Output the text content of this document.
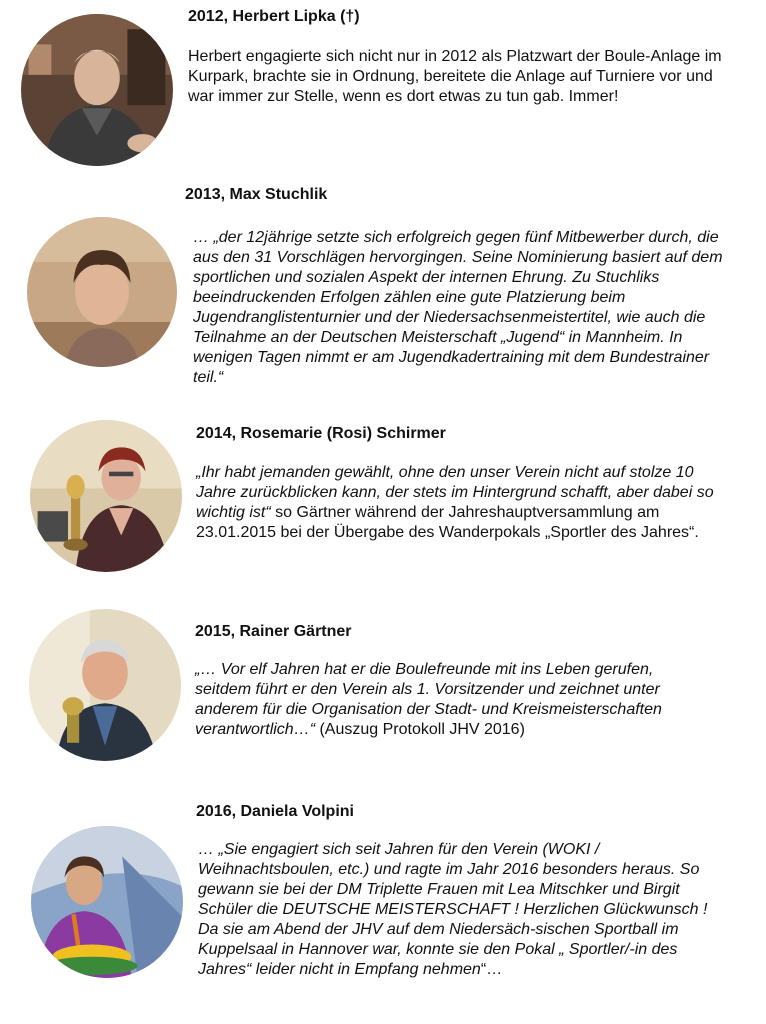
2012, Herbert Lipka (†)

Herbert engagierte sich nicht nur in 2012 als Platzwart der Boule-Anlage im Kurpark, brachte sie in Ordnung, bereitete die Anlage auf Turniere vor und war immer zur Stelle, wenn es dort etwas zu tun gab. Immer!

2013, Max Stuchlik

… „der 12jährige setzte sich erfolgreich gegen fünf Mitbewerber durch, die aus den 31 Vorschlägen hervorgingen. Seine Nominierung basiert auf dem sportlichen und sozialen Aspekt der internen Ehrung. Zu Stuchliks beeindruckenden Erfolgen zählen eine gute Platzierung beim Jugendranglistenturnier und der Niedersachsenmeistertitel, wie auch die Teilnahme an der Deutschen Meisterschaft „Jugend“ in Mannheim. In wenigen Tagen nimmt er am Jugendkadertraining mit dem Bundestrainer teil.“

2014, Rosemarie (Rosi) Schirmer

„Ihr habt jemanden gewählt, ohne den unser Verein nicht auf stolze 10 Jahre zurückblicken kann, der stets im Hintergrund schafft, aber dabei so wichtig ist“ so Gärtner während der Jahreshauptversammlung am 23.01.2015 bei der Übergabe des Wanderpokals „Sportler des Jahres“.

2015, Rainer Gärtner

„… Vor elf Jahren hat er die Boulefreunde mit ins Leben gerufen, seitdem führt er den Verein als 1. Vorsitzender und zeichnet unter anderem für die Organisation der Stadt- und Kreismeisterschaften verantwortlich…“ (Auszug Protokoll JHV 2016)

2016, Daniela Volpini

… „Sie engagiert sich seit Jahren für den Verein (WOKI / Weihnachtsboulen, etc.) und ragte im Jahr 2016 besonders heraus. So gewann sie bei der DM Triplette Frauen mit Lea Mitschker und Birgit Schüler die DEUTSCHE MEISTERSCHAFT ! Herzlichen Glückwunsch ! Da sie am Abend der JHV auf dem Niedersäch-sischen Sportball im Kuppelsaal in Hannover war, konnte sie den Pokal „ Sportler/-in des Jahres“ leider nicht in Empfang nehmen“…
